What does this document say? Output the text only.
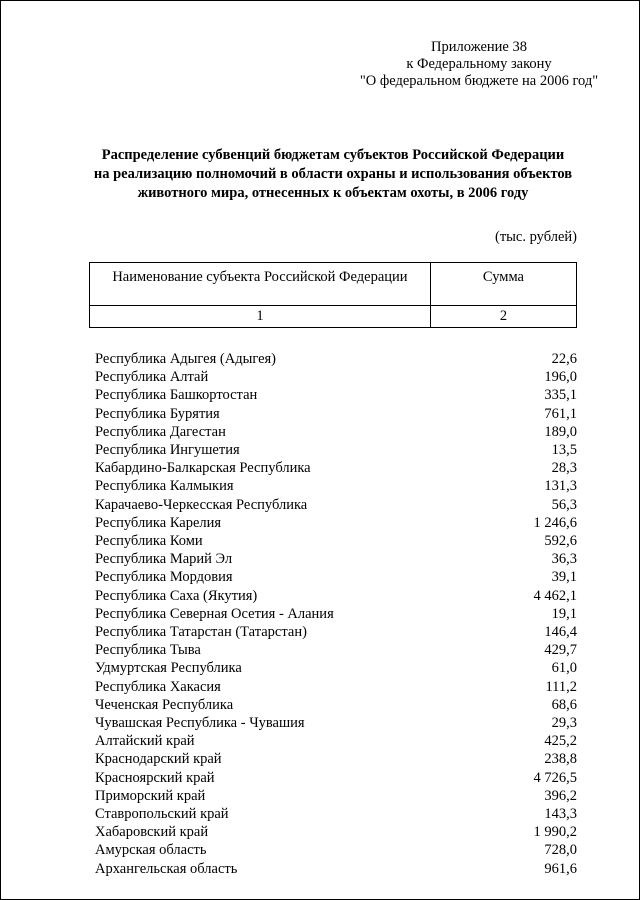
Приложение 38
к Федеральному закону
"О федеральном бюджете на 2006 год"
Распределение субвенций бюджетам субъектов Российской Федерации
на реализацию полномочий в области охраны и использования объектов
животного мира, отнесенных к объектам охоты, в 2006 году
(тыс. рублей)
Наименование субъекта Российской Федерации	Сумма
1	2
Республика Адыгея (Адыгея)	22,6
Республика Алтай	196,0
Республика Башкортостан	335,1
Республика Бурятия	761,1
Республика Дагестан	189,0
Республика Ингушетия	13,5
Кабардино-Балкарская Республика	28,3
Республика Калмыкия	131,3
Карачаево-Черкесская Республика	56,3
Республика Карелия	1 246,6
Республика Коми	592,6
Республика Марий Эл	36,3
Республика Мордовия	39,1
Республика Саха (Якутия)	4 462,1
Республика Северная Осетия - Алания	19,1
Республика Татарстан (Татарстан)	146,4
Республика Тыва	429,7
Удмуртская Республика	61,0
Республика Хакасия	111,2
Чеченская Республика	68,6
Чувашская Республика - Чувашия	29,3
Алтайский край	425,2
Краснодарский край	238,8
Красноярский край	4 726,5
Приморский край	396,2
Ставропольский край	143,3
Хабаровский край	1 990,2
Амурская область	728,0
Архангельская область	961,6
